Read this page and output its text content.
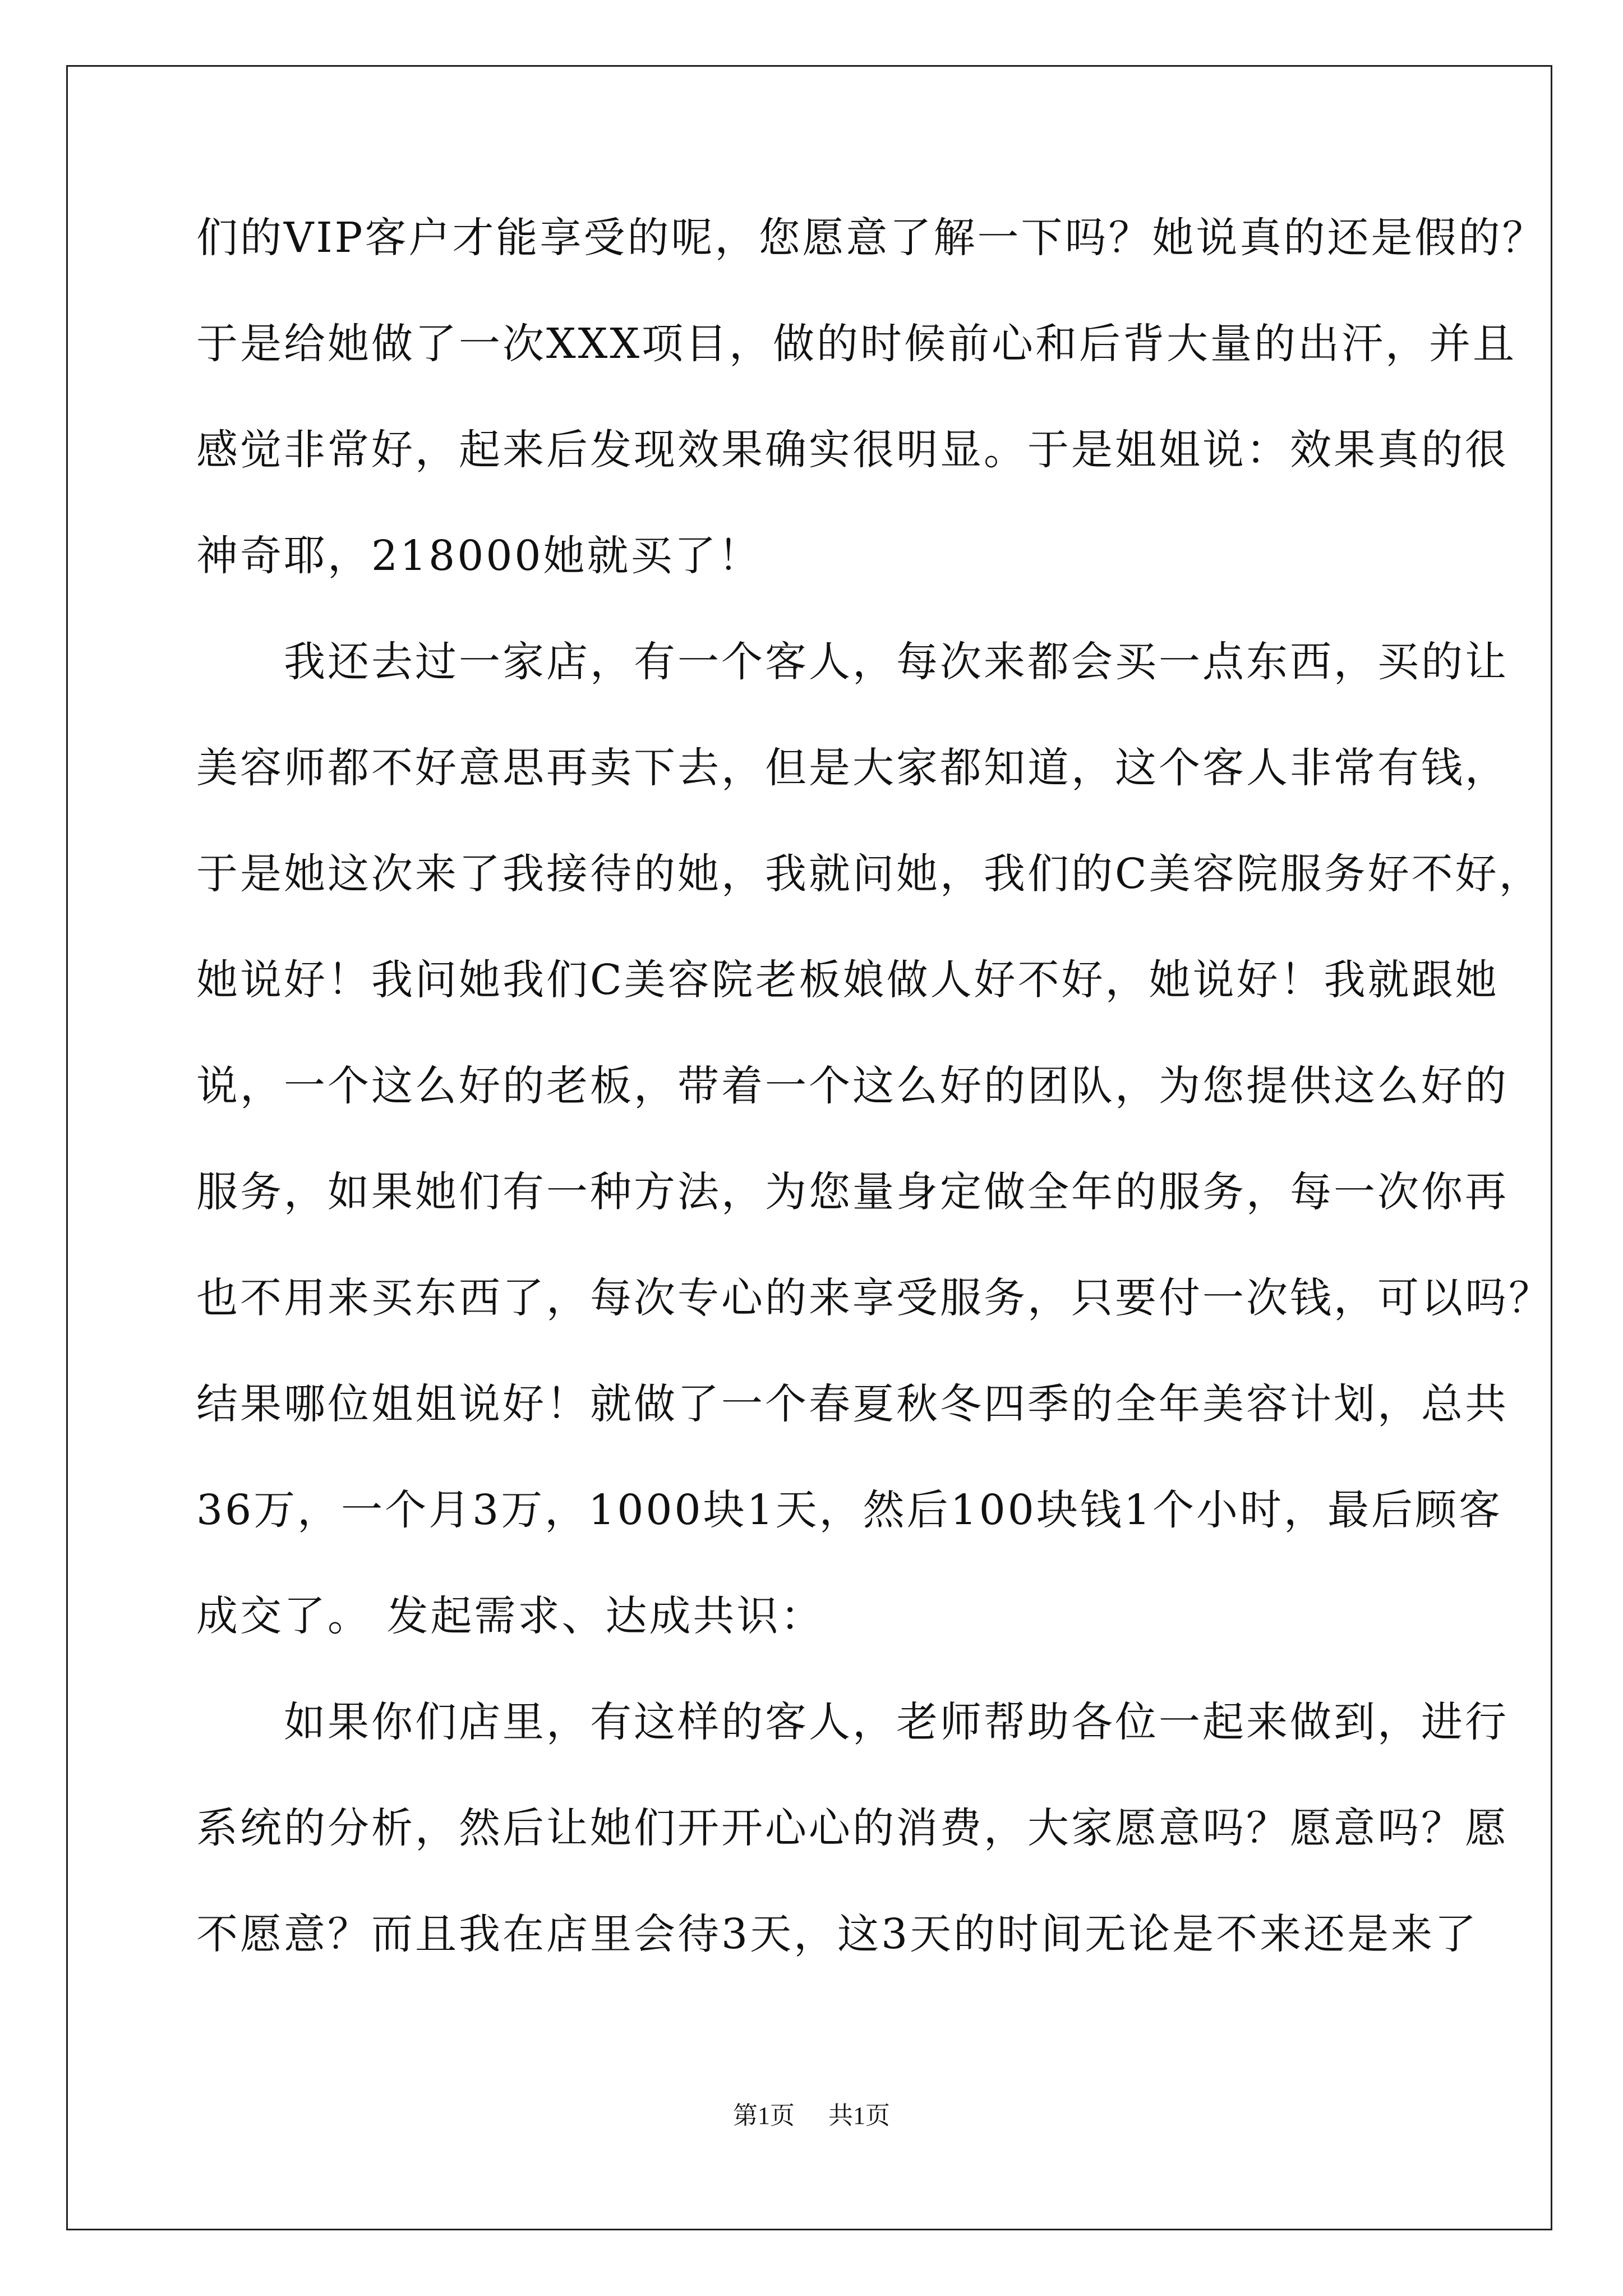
们的VIP客户才能享受的呢，您愿意了解一下吗？她说真的还是假的？
于是给她做了一次XXX项目，做的时候前心和后背大量的出汗，并且
感觉非常好，起来后发现效果确实很明显。于是姐姐说：效果真的很
神奇耶，218000她就买了！
　　我还去过一家店，有一个客人，每次来都会买一点东西，买的让
美容师都不好意思再卖下去，但是大家都知道，这个客人非常有钱，
于是她这次来了我接待的她，我就问她，我们的C美容院服务好不好，
她说好！我问她我们C美容院老板娘做人好不好，她说好！我就跟她
说，一个这么好的老板，带着一个这么好的团队，为您提供这么好的
服务，如果她们有一种方法，为您量身定做全年的服务，每一次你再
也不用来买东西了，每次专心的来享受服务，只要付一次钱，可以吗？
结果哪位姐姐说好！就做了一个春夏秋冬四季的全年美容计划，总共
36万，一个月3万，1000块1天，然后100块钱1个小时，最后顾客
成交了。 发起需求、达成共识：
　　如果你们店里，有这样的客人，老师帮助各位一起来做到，进行
系统的分析，然后让她们开开心心的消费，大家愿意吗？愿意吗？愿
不愿意？而且我在店里会待3天，这3天的时间无论是不来还是来了
第1页 共1页
